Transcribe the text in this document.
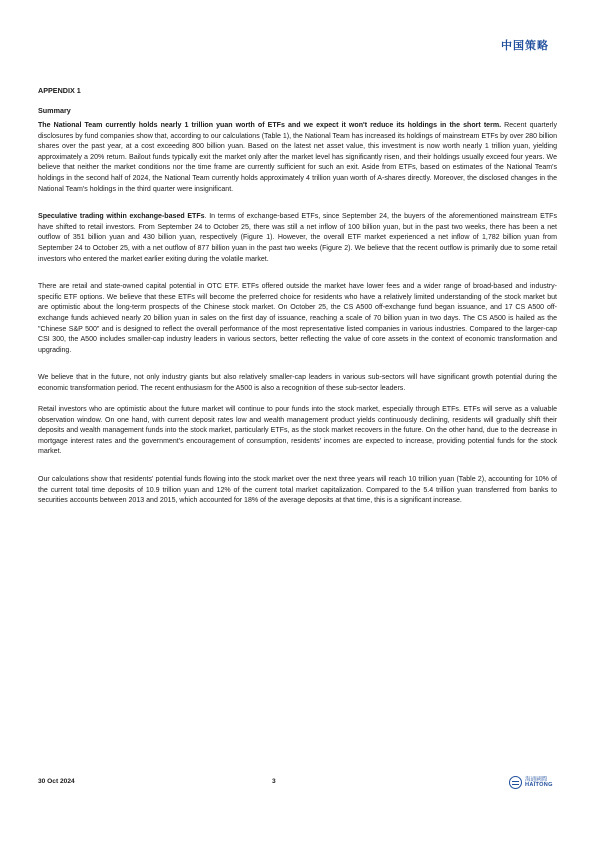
中国策略
APPENDIX 1
Summary

The National Team currently holds nearly 1 trillion yuan worth of ETFs and we expect it won't reduce its holdings in the short term. Recent quarterly disclosures by fund companies show that, according to our calculations (Table 1), the National Team has increased its holdings of mainstream ETFs by over 280 billion shares over the past year, at a cost exceeding 800 billion yuan. Based on the latest net asset value, this investment is now worth nearly 1 trillion yuan, yielding approximately a 20% return. Bailout funds typically exit the market only after the market level has significantly risen, and their holdings usually exceed four years. We believe that neither the market conditions nor the time frame are currently sufficient for such an exit. Aside from ETFs, based on estimates of the National Team's holdings in the second half of 2024, the National Team currently holds approximately 4 trillion yuan worth of A-shares directly. Moreover, the disclosed changes in the National Team's holdings in the third quarter were insignificant.

Speculative trading within exchange-based ETFs. In terms of exchange-based ETFs, since September 24, the buyers of the aforementioned mainstream ETFs have shifted to retail investors. From September 24 to October 25, there was still a net inflow of 100 billion yuan, but in the past two weeks, there has been a net outflow of 351 billion yuan and 430 billion yuan, respectively (Figure 1). However, the overall ETF market experienced a net inflow of 1,782 billion yuan from September 24 to October 25, with a net outflow of 877 billion yuan in the past two weeks (Figure 2). We believe that the recent outflow is primarily due to some retail investors who entered the market earlier exiting during the volatile market.

There are retail and state-owned capital potential in OTC ETF. ETFs offered outside the market have lower fees and a wider range of broad-based and industry-specific ETF options. We believe that these ETFs will become the preferred choice for residents who have a relatively limited understanding of the stock market but are optimistic about the long-term prospects of the Chinese stock market. On October 25, the CS A500 off-exchange fund began issuance, and 17 CS A500 off-exchange funds achieved nearly 20 billion yuan in sales on the first day of issuance, reaching a scale of 70 billion yuan in two days. The CS A500 is hailed as the "Chinese S&P 500" and is designed to reflect the overall performance of the most representative listed companies in various industries. Compared to the larger-cap CSI 300, the A500 includes smaller-cap industry leaders in various sectors, better reflecting the value of core assets in the context of economic transformation and upgrading.

We believe that in the future, not only industry giants but also relatively smaller-cap leaders in various sub-sectors will have significant growth potential during the economic transformation period. The recent enthusiasm for the A500 is also a recognition of these sub-sector leaders.

Retail investors who are optimistic about the future market will continue to pour funds into the stock market, especially through ETFs. ETFs will serve as a valuable observation window. On one hand, with current deposit rates low and wealth management product yields continuously declining, residents will gradually shift their deposits and wealth management funds into the stock market, particularly ETFs, as the stock market recovers in the future. On the other hand, due to the decrease in mortgage interest rates and the government's encouragement of consumption, residents' incomes are expected to increase, providing potential funds for the stock market.

Our calculations show that residents' potential funds flowing into the stock market over the next three years will reach 10 trillion yuan (Table 2), accounting for 10% of the current total time deposits of 10.9 trillion yuan and 12% of the current total market capitalization. Compared to the 5.4 trillion yuan transferred from banks to securities accounts between 2013 and 2015, which accounted for 18% of the average deposits at that time, this is a significant increase.

30 Oct 2024	3	海通國際
HAITONG
